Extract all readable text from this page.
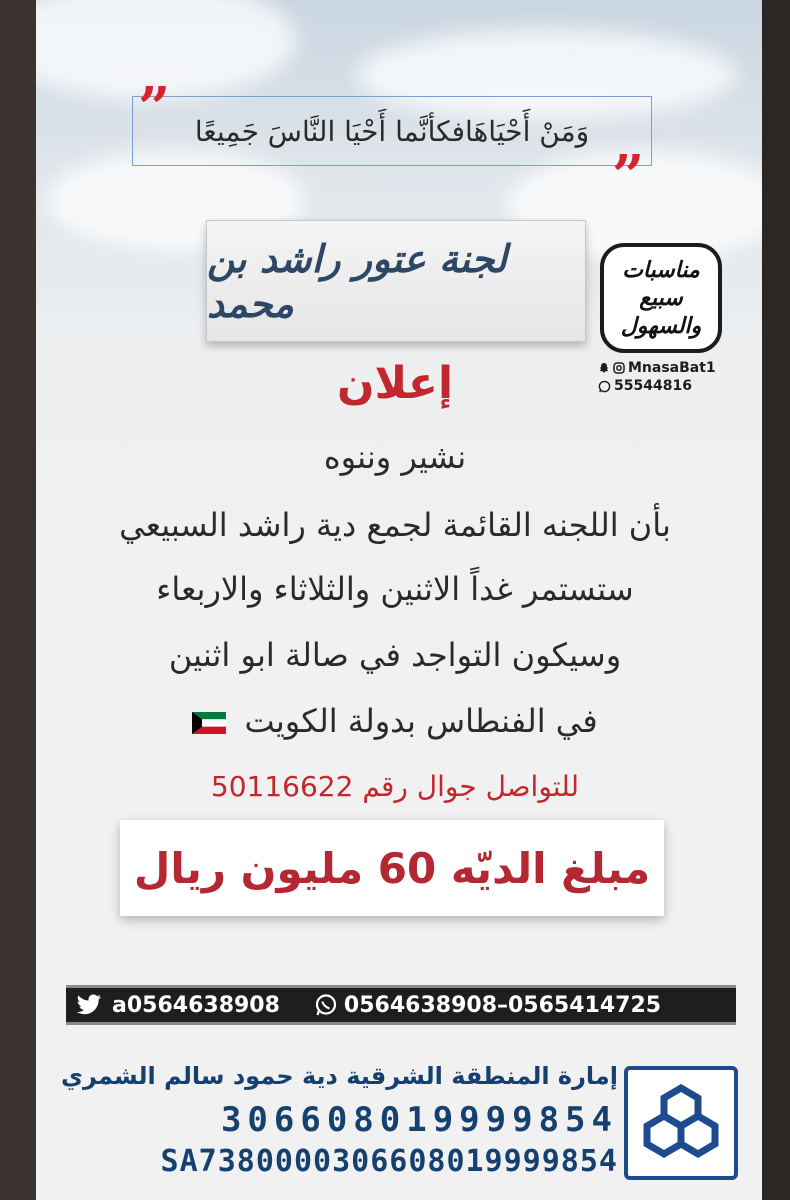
وَمَنْ أَحْيَاهَافكأنَّما أَحْيَا النَّاسَ جَمِيعًا
”
”
لجنة عتور راشد بن محمد
مناسبات
سبيع
والسهول
MnasaBat1
55544816
إعلان
نشير وننوه
بأن اللجنه القائمة لجمع دية راشد السبيعي
ستستمر غداً الاثنين والثلاثاء والاربعاء
وسيكون التواجد في صالة ابو اثنين
في الفنطاس بدولة الكويت
للتواصل جوال رقم 50116622
مبلغ الديّه 60 مليون ريال
a0564638908	0564638908–0565414725
إمارة المنطقة الشرقية دية حمود سالم الشمري
306608019999854
SA7380000306608019999854
